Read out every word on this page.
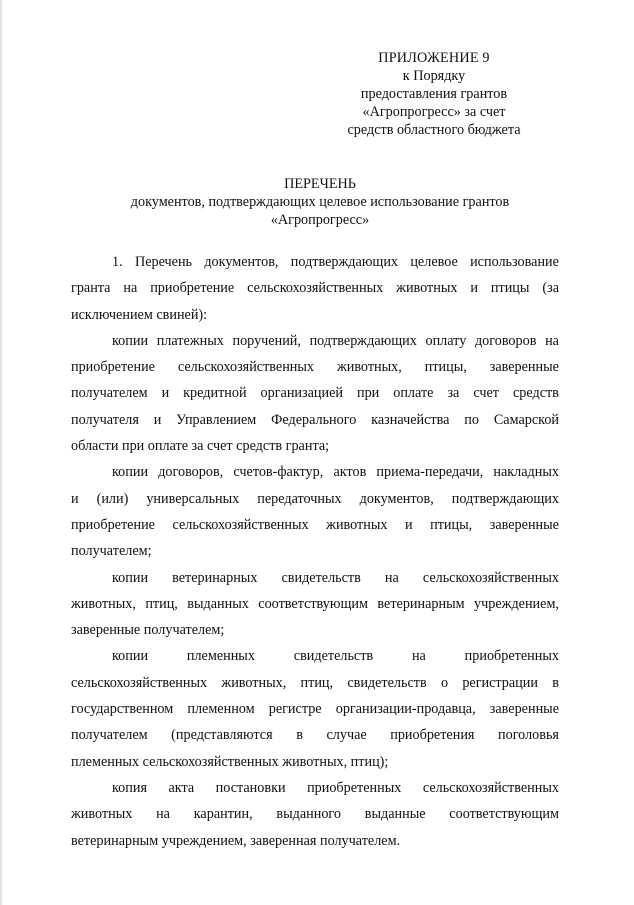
ПРИЛОЖЕНИЕ 9
к Порядку
предоставления грантов
«Агропрогресс» за счет
средств областного бюджета
ПЕРЕЧЕНЬ
документов, подтверждающих целевое использование грантов
«Агропрогресс»
1. Перечень документов, подтверждающих целевое использование
гранта на приобретение сельскохозяйственных животных и птицы (за
исключением свиней):
копии платежных поручений, подтверждающих оплату договоров на
приобретение сельскохозяйственных животных, птицы, заверенные
получателем и кредитной организацией при оплате за счет средств
получателя и Управлением Федерального казначейства по Самарской
области при оплате за счет средств гранта;
копии договоров, счетов-фактур, актов приема-передачи, накладных
и (или) универсальных передаточных документов, подтверждающих
приобретение сельскохозяйственных животных и птицы, заверенные
получателем;
копии ветеринарных свидетельств на сельскохозяйственных
животных, птиц, выданных соответствующим ветеринарным учреждением,
заверенные получателем;
копии	племенных	свидетельств	на	приобретенных
сельскохозяйственных животных, птиц, свидетельств о регистрации в
государственном племенном регистре организации-продавца, заверенные
получателем (представляются в случае приобретения поголовья
племенных сельскохозяйственных животных, птиц);
копия акта постановки приобретенных сельскохозяйственных
животных на карантин, выданного выданные соответствующим
ветеринарным учреждением, заверенная получателем.
